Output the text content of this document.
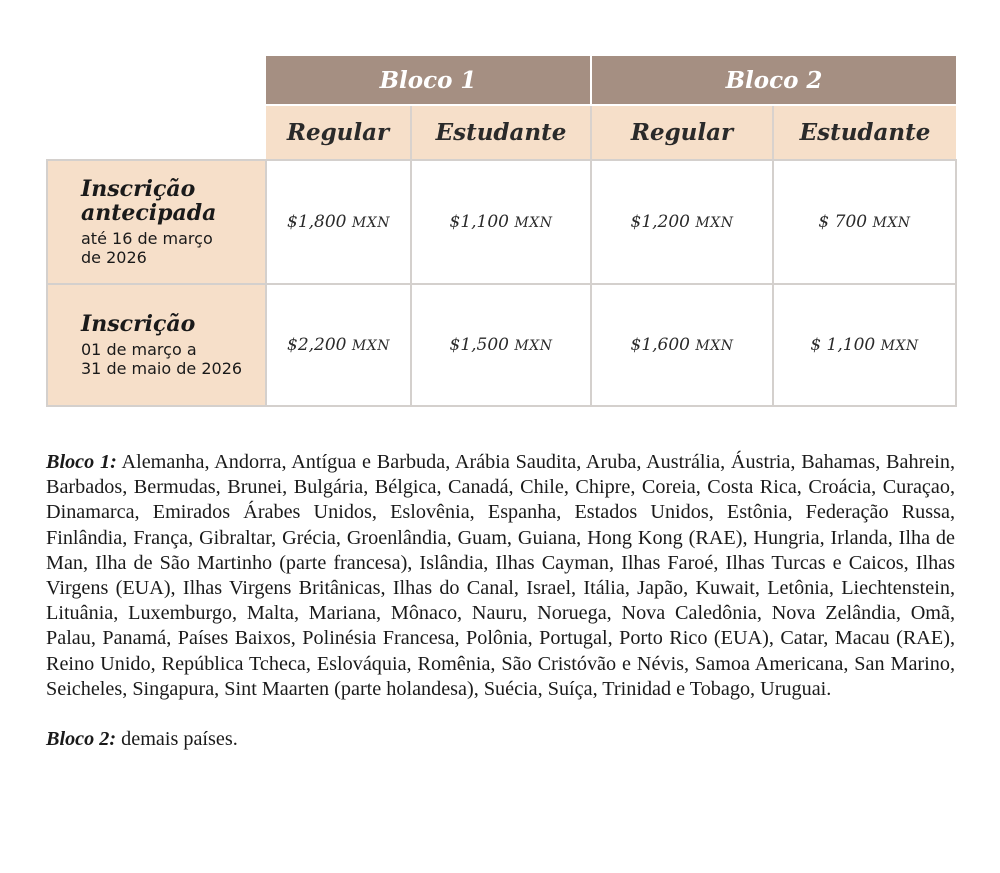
	Bloco 1		Bloco 2	
	Regular	Estudante	Regular	Estudante

Inscrição
antecipada
até 16 de março
de 2026	$1,800 MXN	$1,100 MXN	$1,200 MXN	$ 700 MXN

Inscrição
01 de março a
31 de maio de 2026	$2,200 MXN	$1,500 MXN	$1,600 MXN	$ 1,100 MXN

Bloco 1: Alemanha, Andorra, Antígua e Barbuda, Arábia Saudita, Aruba, Austrália, Áustria, Bahamas, Bahrein, Barbados, Bermudas, Brunei, Bulgária, Bélgica, Canadá, Chile, Chipre, Coreia, Costa Rica, Croácia, Curaçao, Dinamarca, Emirados Árabes Unidos, Eslovênia, Espanha, Estados Unidos, Estônia, Federação Russa, Finlândia, França, Gibraltar, Grécia, Groenlândia, Guam, Guiana, Hong Kong (RAE), Hungria, Irlanda, Ilha de Man, Ilha de São Martinho (parte francesa), Islândia, Ilhas Cayman, Ilhas Faroé, Ilhas Turcas e Caicos, Ilhas Virgens (EUA), Ilhas Virgens Britânicas, Ilhas do Canal, Israel, Itália, Japão, Kuwait, Letônia, Liechtenstein, Lituânia, Luxemburgo, Malta, Mariana, Mônaco, Nauru, Noruega, Nova Caledônia, Nova Zelândia, Omã, Palau, Panamá, Países Baixos, Polinésia Francesa, Polônia, Portugal, Porto Rico (EUA), Catar, Macau (RAE), Reino Unido, República Tcheca, Eslováquia, Romênia, São Cristóvão e Névis, Samoa Americana, San Marino, Seicheles, Singapura, Sint Maarten (parte holandesa), Suécia, Suíça, Trinidad e Tobago, Uruguai.

Bloco 2: demais países.
